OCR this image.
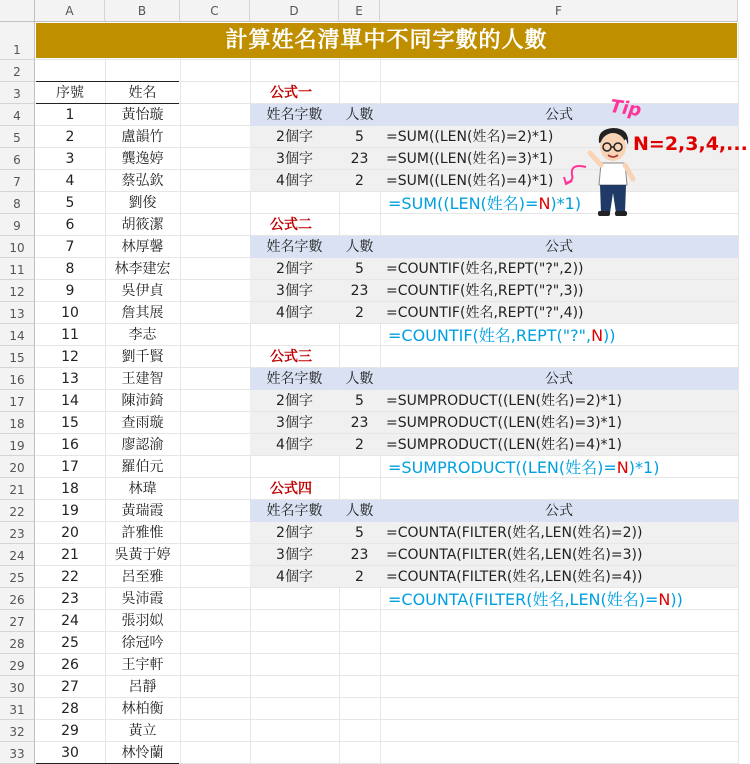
A	B	C	D	E	F
1
2
3
4
5
6
7
8
9
10
11
12
13
14
15
16
17
18
19
20
21
22
23
24
25
26
27
28
29
30
31
32
33
計算姓名清單中不同字數的人數
序號	姓名
1	黃怡璇
2	盧韻竹
3	龔逸婷
4	蔡弘欽
5	劉俊
6	胡筱潔
7	林厚馨
8	林李建宏
9	吳伊貞
10	詹其展
11	李志
12	劉千賢
13	王建智
14	陳沛錡
15	查雨璇
16	廖認渝
17	羅伯元
18	林瑋
19	黃瑞霞
20	許雅惟
21	吳黃于婷
22	呂至雅
23	吳沛霞
24	張羽姒
25	徐冠吟
26	王宇軒
27	呂靜
28	林柏衡
29	黃立
30	林怜蘭
公式一
姓名字數	人數	公式
2個字	5	=SUM((LEN(姓名)=2)*1)
3個字	23	=SUM((LEN(姓名)=3)*1)
4個字	2	=SUM((LEN(姓名)=4)*1)
=SUM((LEN(姓名)=N)*1)
公式二
姓名字數	人數	公式
2個字	5	=COUNTIF(姓名,REPT("?",2))
3個字	23	=COUNTIF(姓名,REPT("?",3))
4個字	2	=COUNTIF(姓名,REPT("?",4))
=COUNTIF(姓名,REPT("?",N))
公式三
姓名字數	人數	公式
2個字	5	=SUMPRODUCT((LEN(姓名)=2)*1)
3個字	23	=SUMPRODUCT((LEN(姓名)=3)*1)
4個字	2	=SUMPRODUCT((LEN(姓名)=4)*1)
=SUMPRODUCT((LEN(姓名)=N)*1)
公式四
姓名字數	人數	公式
2個字	5	=COUNTA(FILTER(姓名,LEN(姓名)=2))
3個字	23	=COUNTA(FILTER(姓名,LEN(姓名)=3))
4個字	2	=COUNTA(FILTER(姓名,LEN(姓名)=4))
=COUNTA(FILTER(姓名,LEN(姓名)=N))
Tip
N=2,3,4,...
